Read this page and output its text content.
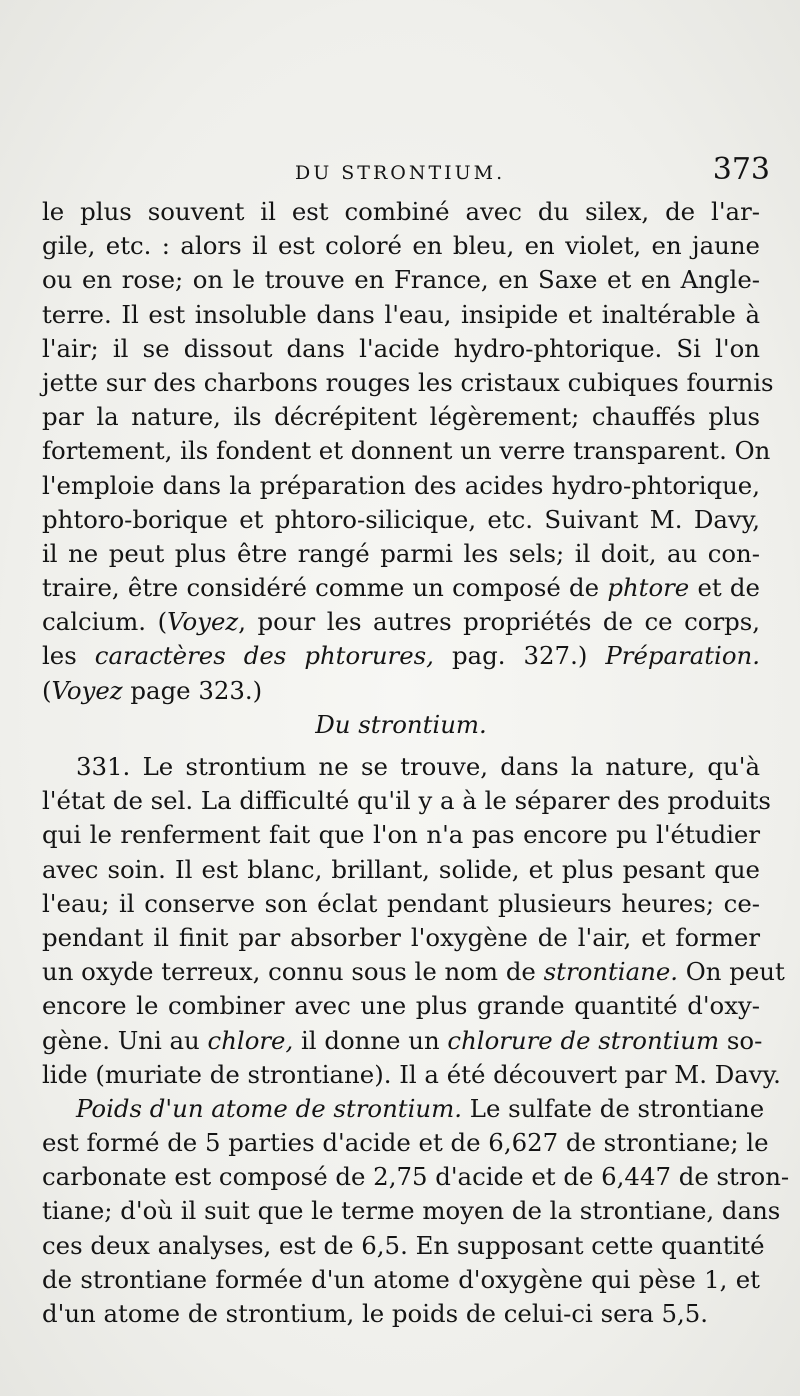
DU STRONTIUM.	373
le plus souvent il est combiné avec du silex, de l'ar-
gile, etc. : alors il est coloré en bleu, en violet, en jaune
ou en rose; on le trouve en France, en Saxe et en Angle-
terre. Il est insoluble dans l'eau, insipide et inaltérable à
l'air; il se dissout dans l'acide hydro-phtorique. Si l'on
jette sur des charbons rouges les cristaux cubiques fournis
par la nature, ils décrépitent légèrement; chauffés plus
fortement, ils fondent et donnent un verre transparent. On
l'emploie dans la préparation des acides hydro-phtorique,
phtoro-borique et phtoro-silicique, etc. Suivant M. Davy,
il ne peut plus être rangé parmi les sels; il doit, au con-
traire, être considéré comme un composé de phtore et de
calcium. (Voyez, pour les autres propriétés de ce corps,
les caractères des phtorures, pag. 327.) Préparation.
(Voyez page 323.)
Du strontium.
331. Le strontium ne se trouve, dans la nature, qu'à
l'état de sel. La difficulté qu'il y a à le séparer des produits
qui le renferment fait que l'on n'a pas encore pu l'étudier
avec soin. Il est blanc, brillant, solide, et plus pesant que
l'eau; il conserve son éclat pendant plusieurs heures; ce-
pendant il finit par absorber l'oxygène de l'air, et former
un oxyde terreux, connu sous le nom de strontiane. On peut
encore le combiner avec une plus grande quantité d'oxy-
gène. Uni au chlore, il donne un chlorure de strontium so-
lide (muriate de strontiane). Il a été découvert par M. Davy.
Poids d'un atome de strontium. Le sulfate de strontiane
est formé de 5 parties d'acide et de 6,627 de strontiane; le
carbonate est composé de 2,75 d'acide et de 6,447 de stron-
tiane; d'où il suit que le terme moyen de la strontiane, dans
ces deux analyses, est de 6,5. En supposant cette quantité
de strontiane formée d'un atome d'oxygène qui pèse 1, et
d'un atome de strontium, le poids de celui-ci sera 5,5.
